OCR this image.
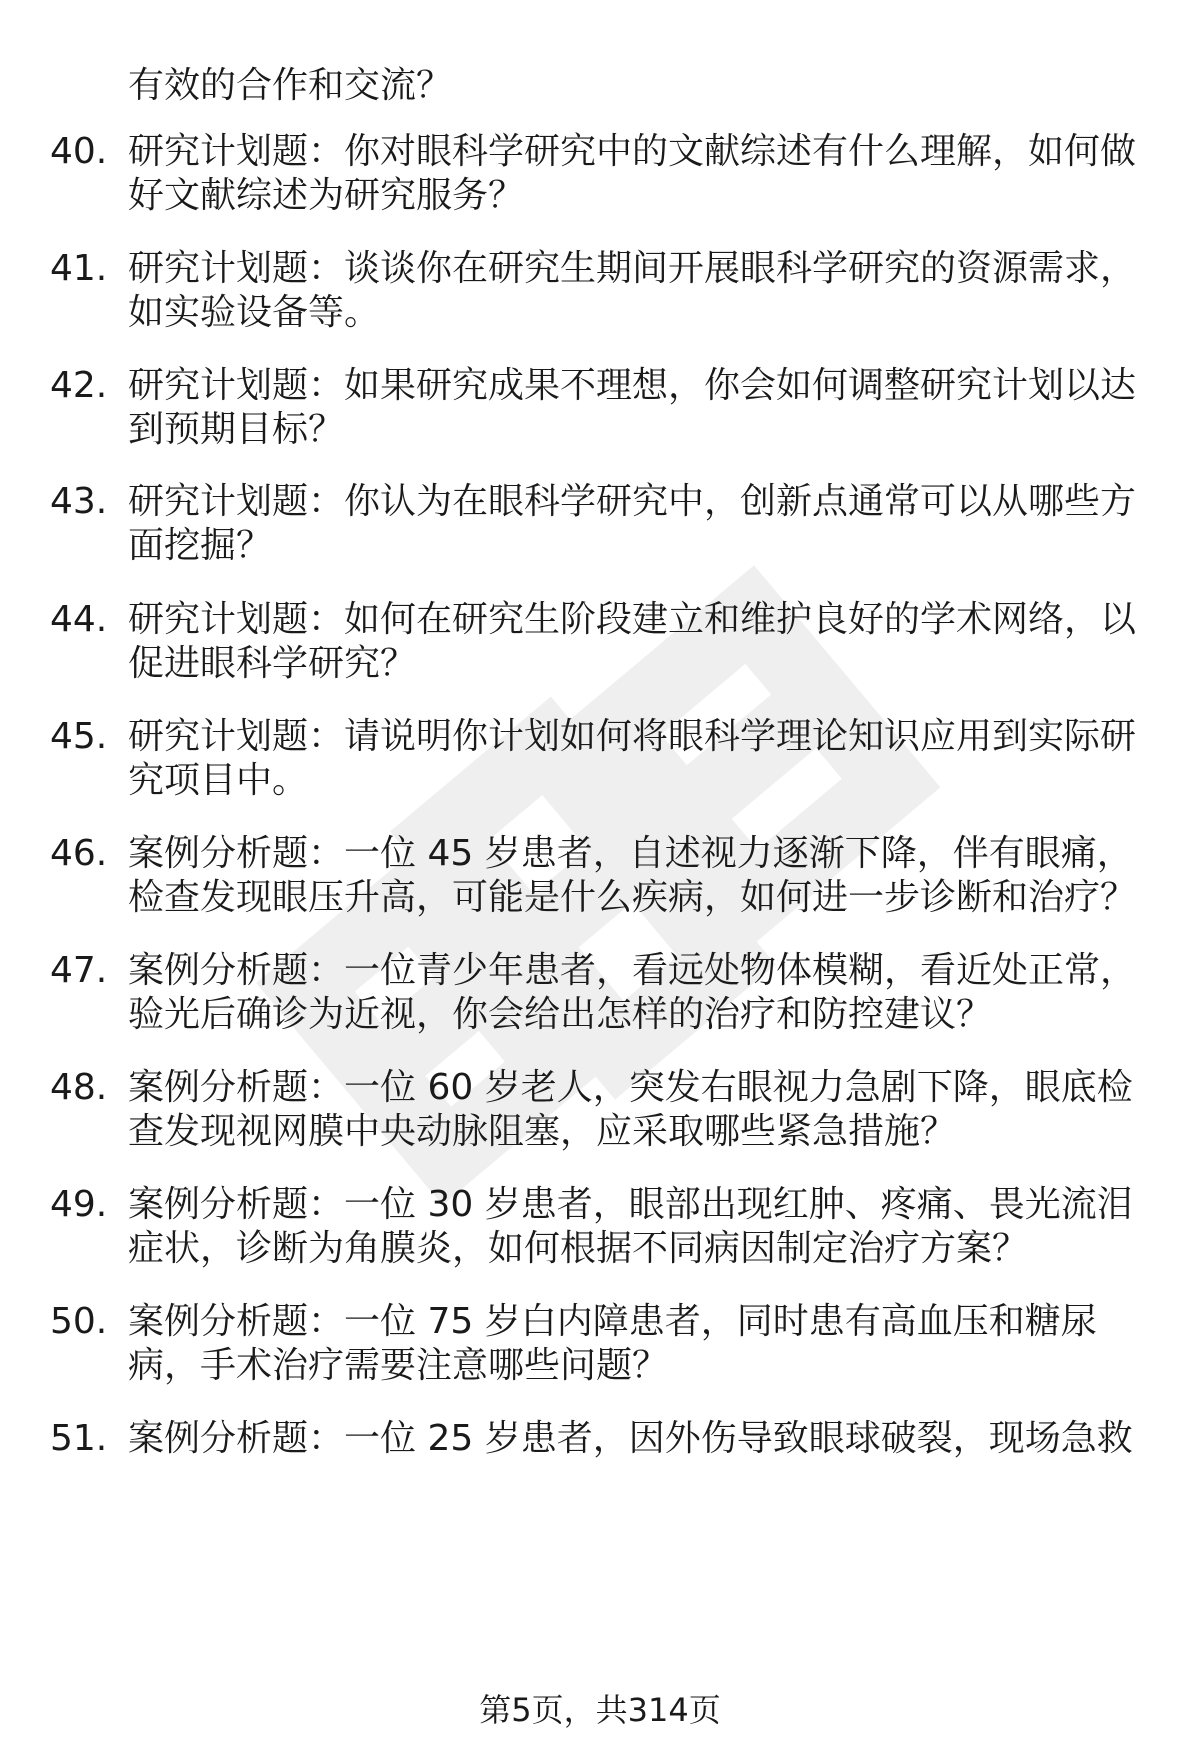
有效的合作和交流？
40. 研究计划题：你对眼科学研究中的文献综述有什么理解，如何做
好文献综述为研究服务？
41. 研究计划题：谈谈你在研究生期间开展眼科学研究的资源需求，
如实验设备等。
42. 研究计划题：如果研究成果不理想，你会如何调整研究计划以达
到预期目标？
43. 研究计划题：你认为在眼科学研究中，创新点通常可以从哪些方
面挖掘？
44. 研究计划题：如何在研究生阶段建立和维护良好的学术网络，以
促进眼科学研究？
45. 研究计划题：请说明你计划如何将眼科学理论知识应用到实际研
究项目中。
46. 案例分析题：一位 45 岁患者，自述视力逐渐下降，伴有眼痛，
检查发现眼压升高，可能是什么疾病，如何进一步诊断和治疗？
47. 案例分析题：一位青少年患者，看远处物体模糊，看近处正常，
验光后确诊为近视，你会给出怎样的治疗和防控建议？
48. 案例分析题：一位 60 岁老人，突发右眼视力急剧下降，眼底检
查发现视网膜中央动脉阻塞，应采取哪些紧急措施？
49. 案例分析题：一位 30 岁患者，眼部出现红肿、疼痛、畏光流泪
症状，诊断为角膜炎，如何根据不同病因制定治疗方案？
50. 案例分析题：一位 75 岁白内障患者，同时患有高血压和糖尿
病，手术治疗需要注意哪些问题？
51. 案例分析题：一位 25 岁患者，因外伤导致眼球破裂，现场急救
第5页，共314页
